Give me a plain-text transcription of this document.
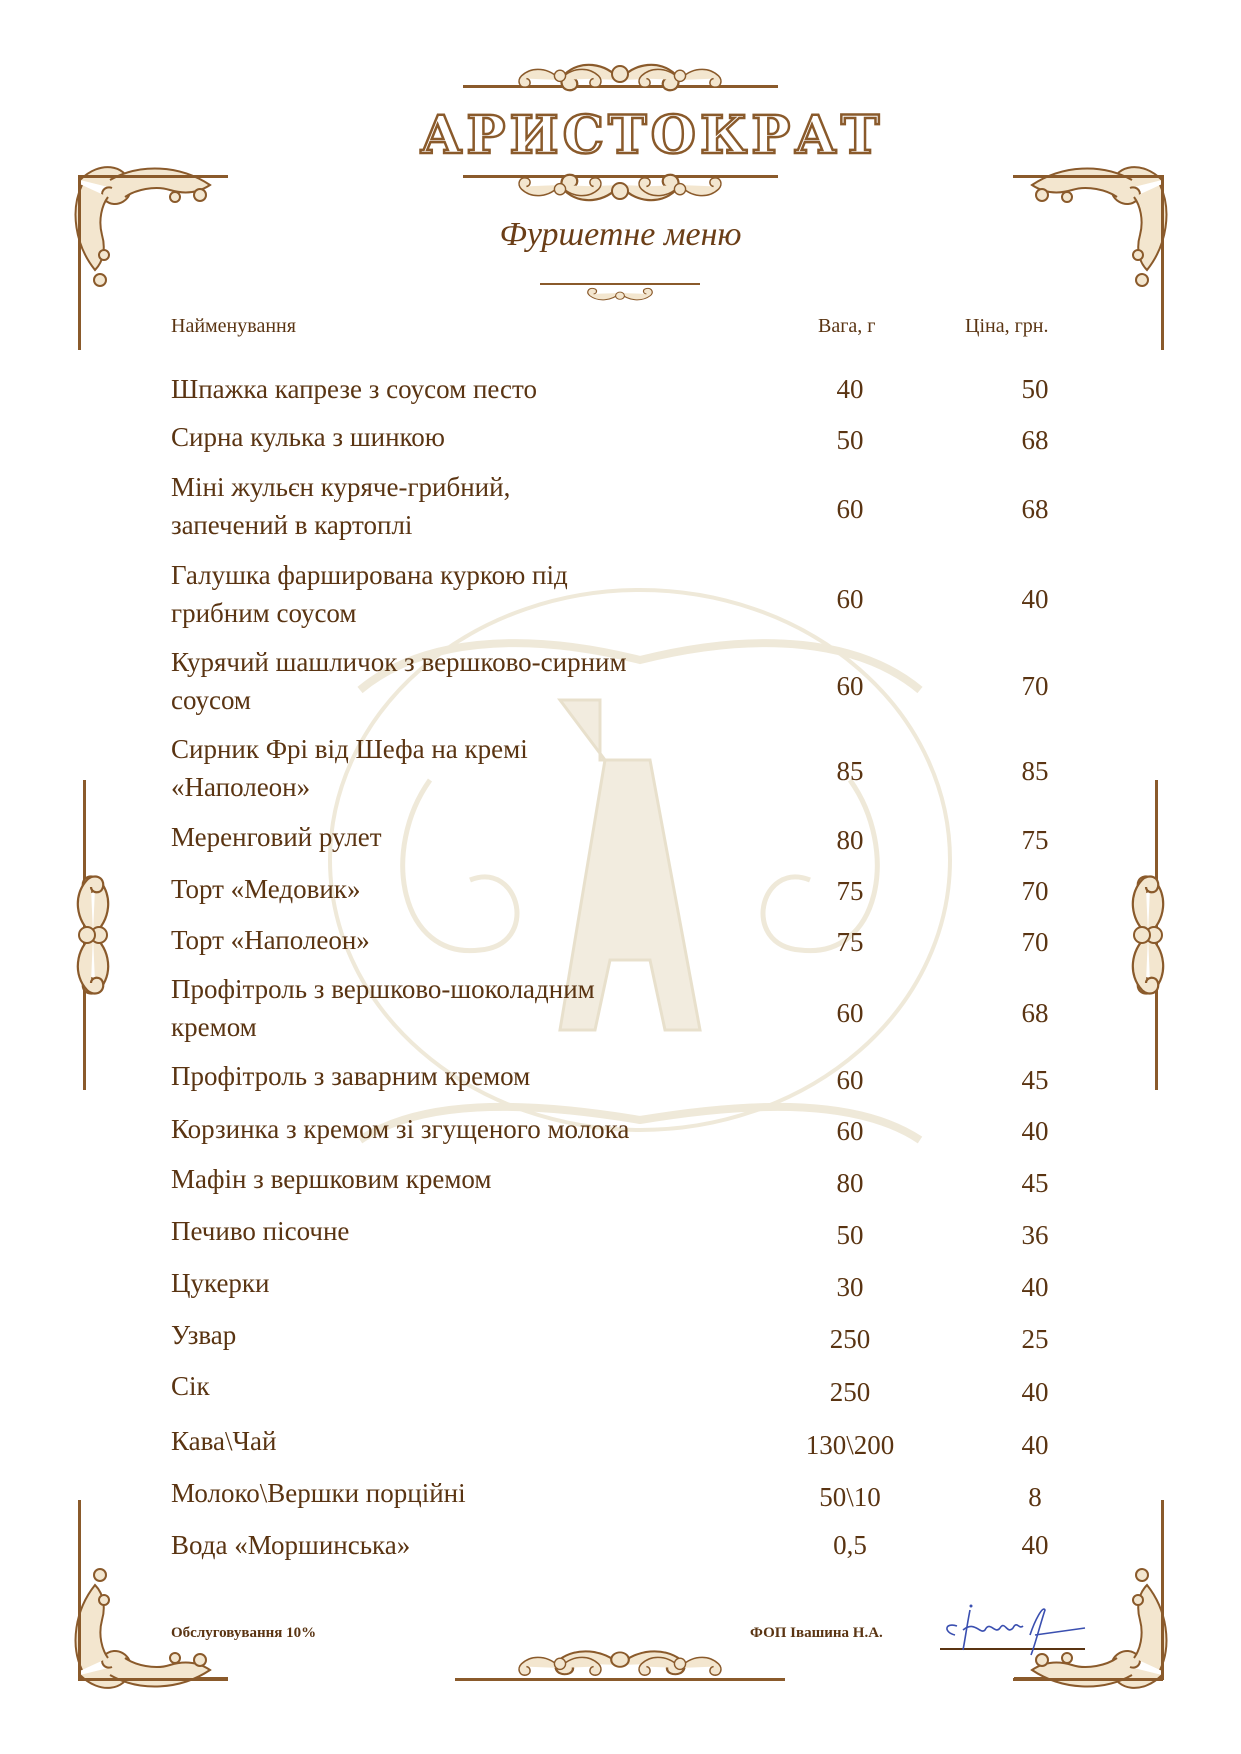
АРИСТОКРАТ
Фуршетне меню
Найменування	Вага, г	Ціна, грн.
Шпажка капрезе з соусом песто	40	50
Сирна кулька з шинкою	50	68
Міні жульєн куряче-грибний,
запечений в картоплі
60	68
Галушка фарширована куркою під
грибним соусом	60	40
Курячий шашличок з вершково-сирним
соусом	60	70
Сирник Фрі від Шефа на кремі
«Наполеон»
85	85
Меренговий рулет	80	75
Торт «Медовик»	75	70
Торт «Наполеон»	75	70
Профітроль з вершково-шоколадним
кремом	60	68
Профітроль з заварним кремом	60	45
Корзинка з кремом зі згущеного молока	60	40
Мафін з вершковим кремом	80	45
Печиво пісочне	50	36
Цукерки	30	40
Узвар	250	25
Сік	250	40
Кава\Чай	130\200	40
Молоко\Вершки порційні	50\10	8
Вода «Моршинська»	0,5	40
Обслуговування 10%	ФОП Івашина Н.А.
